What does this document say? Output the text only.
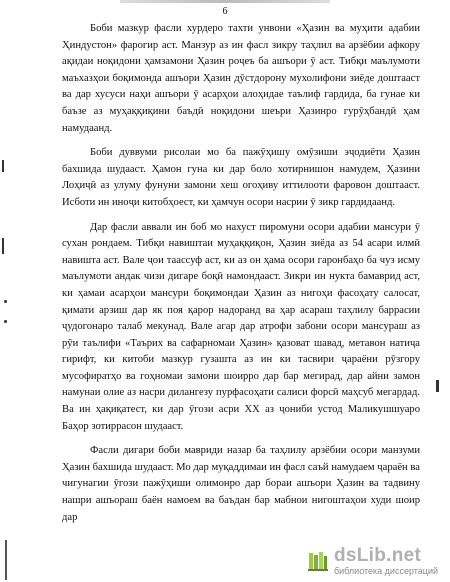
6

Боби мазкур фасли хурдеро тахти унвони «Ҳазин ва муҳити адабии Ҳиндустон» фарогир аст. Манзур аз ин фасл зикру таҳлил ва арзёбии афкору ақидаи ноқидони ҳамзамони Ҳазин роҷеъ ба ашъори ӯ аст. Тибқи маълумоти маъхазҳои боқимонда ашъори Ҳазин дӯстдорону мухолифони зиёде доштааст ва дар хусуси наҳи ашъори ӯ асарҳои алоҳидае таълиф гардида, ба гунае ки баъзе аз муҳаққиқини баъдӣ ноқидони шеъри Ҳазинро гурӯҳбандӣ ҳам намудаанд.

Боби дуввуми рисолаи мо ба пажӯҳишу омӯзиши эҷодиёти Ҳазин бахшида шудааст. Ҳамон гуна ки дар боло хотирнишон намудем, Ҳазини Лоҳиҷӣ аз улуму фунуни замони хеш огоҳиву иттилооти фаровон доштааст. Исботи ин иноҷи китобҳоест, ки ҳамчун осори насрии ӯ зикр гардидаанд.

Дар фасли аввали ин боб мо нахуст пиромуни осори адабии мансури ӯ сухан рондаем. Тибқи навиштаи муҳаққиқон, Ҳазин зиёда аз 54 асари илмӣ навишта аст. Вале ҷои таассуф аст, ки аз он ҳама осори гаронбаҳо ба чуз исму маълумоти андак чизи дигаре боқӣ намондааст. Зикри ин нукта бамаврид аст, ки ҳамаи асарҳои мансури боқимондаи Ҳазин аз нигоҳи фасоҳату салосат, қимати арзиш дар як поя қарор надоранд ва ҳар асараш таҳлилу баррасии ҷудогонаро талаб мекунад. Вале агар дар атрофи забони осори мансураш аз рӯи таълифи «Таърих ва сафарномаи Ҳазин» қазоват шавад, метавон натиҷа гирифт, ки китоби мазкур гузашта аз ин ки тасвири ҷараёни рӯзгору мусофиратҳо ва гоҳномаи замони шоирро дар бар мегирад, дар айни замон намунаи олие аз насри дилангезу пурфасоҳати салиси форсӣ маҳсуб мегардад. Ва ин ҳақиқатест, ки дар ӯгози асри XX аз ҷониби устод Маликушшуаро Баҳор зотиррасон шудааст.

Фасли дигари боби мавриди назар ба таҳлилу арзёбии осори манзуми Ҳазин бахшида шудааст. Мо дар муқаддимаи ин фасл саъй намудаем ҷараён ва чигунагии ӯгози пажӯҳиши олимонро дар бораи ашъори Ҳазин ва тадвину нашри ашъораш баён намоем ва баъдан бар мабнои нигоштаҳои худи шоир дар

dsLib.net
библиотека диссертаций
